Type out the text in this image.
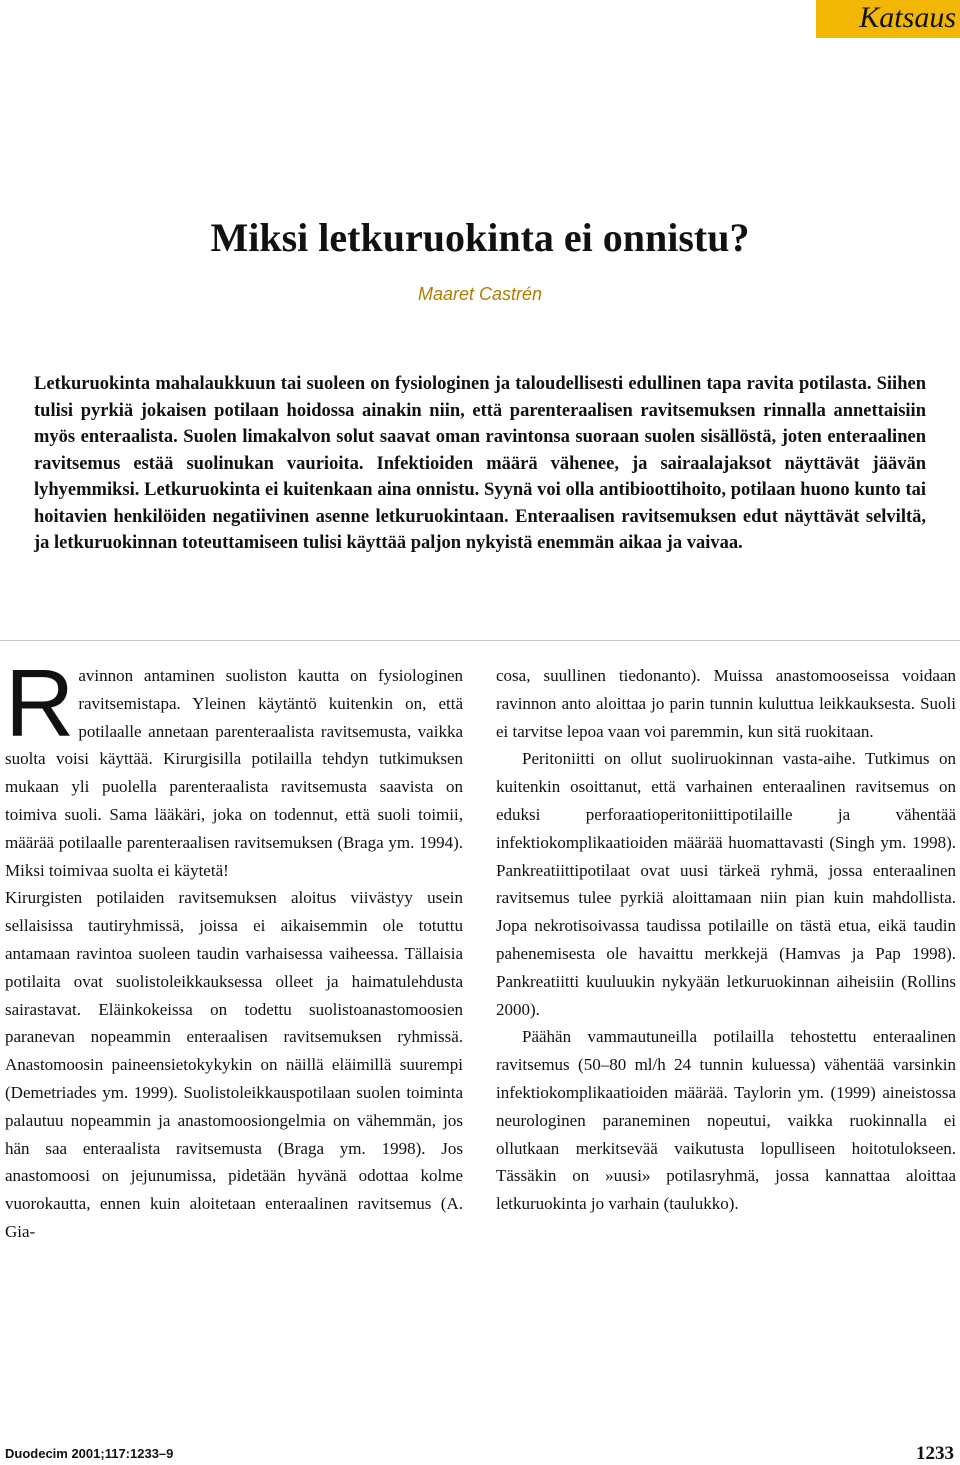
Katsaus
Miksi letkuruokinta ei onnistu?
Maaret Castrén

Letkuruokinta mahalaukkuun tai suoleen on fysiologinen ja taloudellisesti edullinen tapa ravita potilasta. Siihen tulisi pyrkiä jokaisen potilaan hoidossa ainakin niin, että parenteraalisen ravitsemuksen rinnalla annettaisiin myös enteraalista. Suolen limakalvon solut saavat oman ravintonsa suoraan suolen sisällöstä, joten enteraalinen ravitsemus estää suolinukan vaurioita. Infektioiden määrä vähenee, ja sairaalajaksot näyttävät jäävän lyhyemmiksi. Letkuruokinta ei kuitenkaan aina onnistu. Syynä voi olla antibioottihoito, potilaan huono kunto tai hoitavien henkilöiden negatiivinen asenne letkuruokintaan. Enteraalisen ravitsemuksen edut näyttävät selviltä, ja letkuruokinnan toteuttamiseen tulisi käyttää paljon nykyistä enemmän aikaa ja vaivaa.

R avinnon antaminen suoliston kautta on fysiologinen ravitsemistapa. Yleinen käytäntö kuitenkin on, että potilaalle annetaan parenteraalista ravitsemusta, vaikka suolta voisi käyttää. Kirurgisilla potilailla tehdyn tutkimuksen mukaan yli puolella parenteraalista ravitsemusta saavista on toimiva suoli. Sama lääkäri, joka on todennut, että suoli toimii, määrää potilaalle parenteraalisen ravitsemuksen (Braga ym. 1994). Miksi toimivaa suolta ei käytetä!

Kirurgisten potilaiden ravitsemuksen aloitus viivästyy usein sellaisissa tautiryhmissä, joissa ei aikaisemmin ole totuttu antamaan ravintoa suoleen taudin varhaisessa vaiheessa. Tällaisia potilaita ovat suolistoleikkauksessa olleet ja haimatulehdusta sairastavat. Eläinkokeissa on todettu suolistoanastomoosien paranevan nopeammin enteraalisen ravitsemuksen ryhmissä. Anastomoosin paineensietokykykin on näillä eläimillä suurempi (Demetriades ym. 1999). Suolistoleikkauspotilaan suolen toiminta palautuu nopeammin ja anastomoosiongelmia on vähemmän, jos hän saa enteraalista ravitsemusta (Braga ym. 1998). Jos anastomoosi on jejunumissa, pidetään hyvänä odottaa kolme vuorokautta, ennen kuin aloitetaan enteraalinen ravitsemus (A. Gia-

cosa, suullinen tiedonanto). Muissa anastomooseissa voidaan ravinnon anto aloittaa jo parin tunnin kuluttua leikkauksesta. Suoli ei tarvitse lepoa vaan voi paremmin, kun sitä ruokitaan.

Peritoniitti on ollut suoliruokinnan vasta-aihe. Tutkimus on kuitenkin osoittanut, että varhainen enteraalinen ravitsemus on eduksi perforaatioperitoniittipotilaille ja vähentää infektiokomplikaatioiden määrää huomattavasti (Singh ym. 1998). Pankreatiittipotilaat ovat uusi tärkeä ryhmä, jossa enteraalinen ravitsemus tulee pyrkiä aloittamaan niin pian kuin mahdollista. Jopa nekrotisoivassa taudissa potilaille on tästä etua, eikä taudin pahenemisesta ole havaittu merkkejä (Hamvas ja Pap 1998). Pankreatiitti kuuluukin nykyään letkuruokinnan aiheisiin (Rollins 2000).

Päähän vammautuneilla potilailla tehostettu enteraalinen ravitsemus (50–80 ml/h 24 tunnin kuluessa) vähentää varsinkin infektiokomplikaatioiden määrää. Taylorin ym. (1999) aineistossa neurologinen paraneminen nopeutui, vaikka ruokinnalla ei ollutkaan merkitsevää vaikutusta lopulliseen hoitotulokseen. Tässäkin on »uusi» potilasryhmä, jossa kannattaa aloittaa letkuruokinta jo varhain (taulukko).

Duodecim 2001;117:1233–9	1233
